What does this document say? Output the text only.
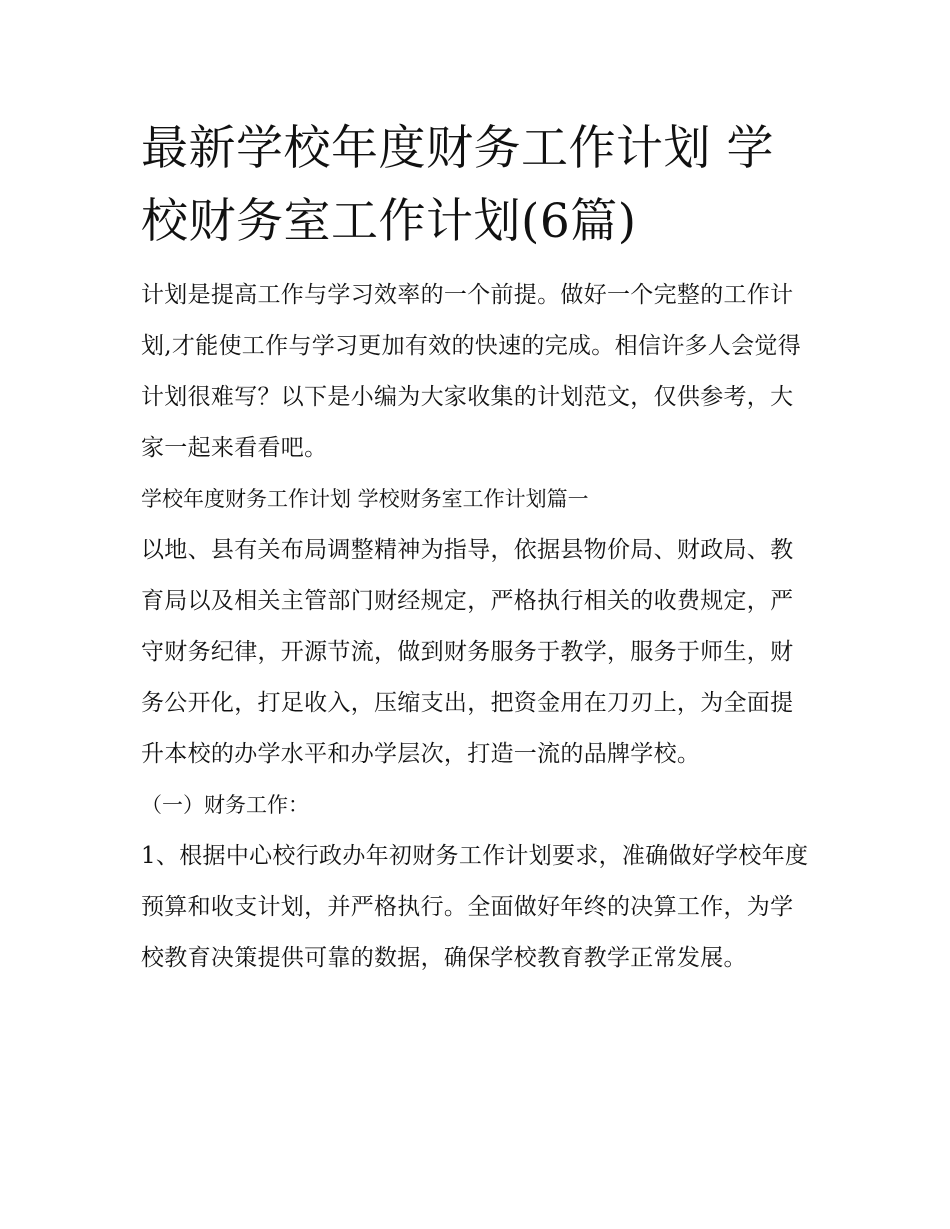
最新学校年度财务工作计划 学校财务室工作计划(6篇)

计划是提高工作与学习效率的一个前提。做好一个完整的工作计划,才能使工作与学习更加有效的快速的完成。相信许多人会觉得计划很难写？以下是小编为大家收集的计划范文，仅供参考，大家一起来看看吧。

学校年度财务工作计划 学校财务室工作计划篇一

以地、县有关布局调整精神为指导，依据县物价局、财政局、教育局以及相关主管部门财经规定，严格执行相关的收费规定，严守财务纪律，开源节流，做到财务服务于教学，服务于师生，财务公开化，打足收入，压缩支出，把资金用在刀刃上，为全面提升本校的办学水平和办学层次，打造一流的品牌学校。

（一）财务工作：

1、根据中心校行政办年初财务工作计划要求，准确做好学校年度预算和收支计划，并严格执行。全面做好年终的决算工作，为学校教育决策提供可靠的数据，确保学校教育教学正常发展。
